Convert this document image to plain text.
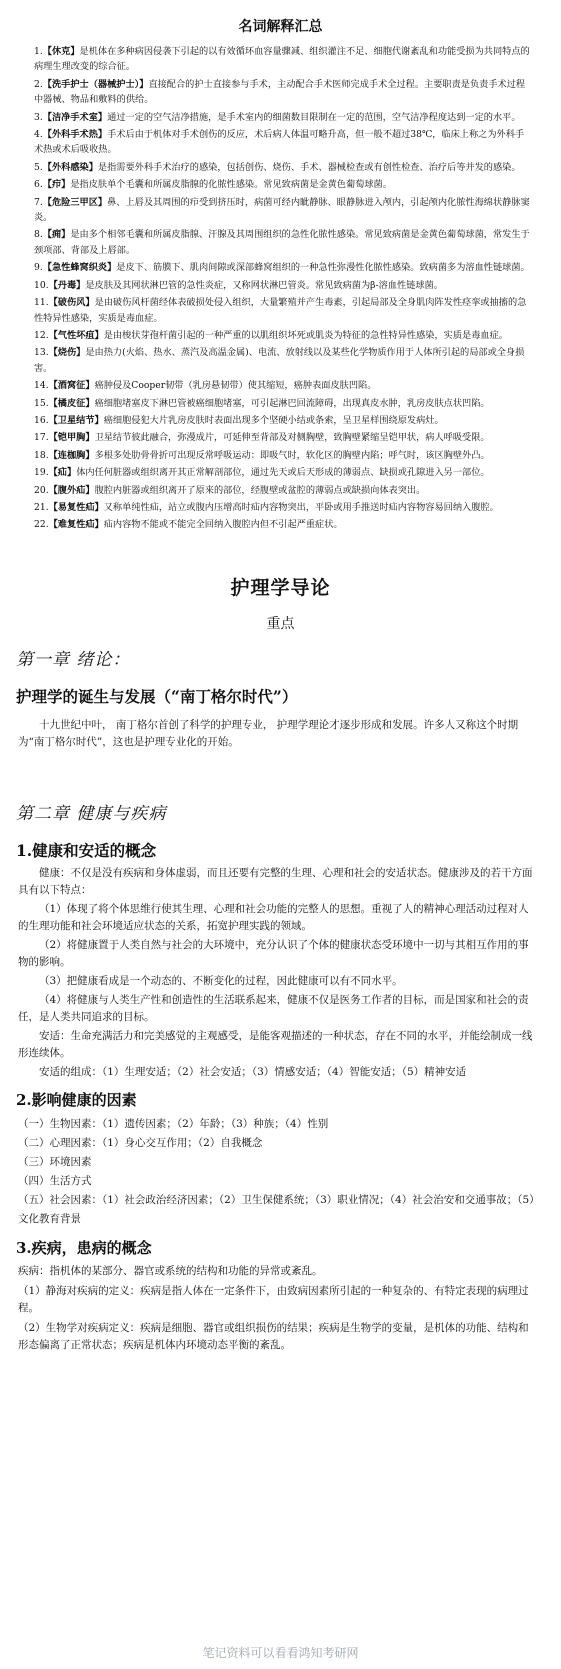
名词解释汇总

1.【休克】是机体在多种病因侵袭下引起的以有效循环血容量骤减、组织灌注不足、细胞代谢紊乱和功能受损为共同特点的病理生理改变的综合征。

2.【洗手护士（器械护士）】直接配合的护士直接参与手术，主动配合手术医师完成手术全过程。主要职责是负责手术过程中器械、物品和敷料的供给。

3.【洁净手术室】通过一定的空气洁净措施，是手术室内的细菌数目限制在一定的范围，空气洁净程度达到一定的水平。

4.【外科手术热】手术后由于机体对手术创伤的反应，术后病人体温可略升高，但一般不超过38℃，临床上称之为外科手术热或术后吸收热。

5.【外科感染】是指需要外科手术治疗的感染，包括创伤、烧伤、手术、器械检查或有创性检查、治疗后等并发的感染。

6.【疖】是指皮肤单个毛囊和所属皮脂腺的化脓性感染。常见致病菌是金黄色葡萄球菌。

7.【危险三甲区】鼻、上唇及其周围的疖受到挤压时，病菌可经内眦静脉、眼静脉进入颅内，引起颅内化脓性海绵状静脉窦炎。

8.【痈】是由多个相邻毛囊和所属皮脂腺、汗腺及其周围组织的急性化脓性感染。常见致病菌是金黄色葡萄球菌，常发生于颈项部、背部及上唇部。

9.【急性蜂窝织炎】是皮下、筋膜下、肌肉间隙或深部蜂窝组织的一种急性弥漫性化脓性感染。致病菌多为溶血性链球菌。

10.【丹毒】是皮肤及其网状淋巴管的急性炎症，又称网状淋巴管炎。常见致病菌为β-溶血性链球菌。

11.【破伤风】是由破伤风杆菌经体表破损处侵入组织，大量繁殖并产生毒素，引起局部及全身肌肉阵发性痉挛或抽搐的急性特异性感染，实质是毒血症。

12.【气性坏疽】是由梭状芽孢杆菌引起的一种严重的以肌组织坏死或肌炎为特征的急性特异性感染，实质是毒血症。

13.【烧伤】是由热力(火焰、热水、蒸汽及高温金属)、电流、放射线以及某些化学物质作用于人体所引起的局部或全身损害。

14.【酒窝征】癌肿侵及Cooper韧带（乳房悬韧带）使其缩短，癌肿表面皮肤凹陷。

15.【橘皮征】癌细胞堵塞皮下淋巴管被癌细胞堵塞，可引起淋巴回流障碍，出现真皮水肿，乳房皮肤点状凹陷。

16.【卫星结节】癌细胞侵犯大片乳房皮肤时表面出现多个坚硬小结或条索，呈卫星样围绕原发病灶。

17.【铠甲胸】卫星结节彼此融合，弥漫成片，可延伸至背部及对侧胸壁，致胸壁紧缩呈铠甲状，病人呼吸受限。

18.【连枷胸】多根多处肋骨骨折可出现反常呼吸运动：即吸气时，软化区的胸壁内陷；呼气时，该区胸壁外凸。

19.【疝】体内任何脏器或组织离开其正常解剖部位，通过先天或后天形成的薄弱点、缺损或孔隙进入另一部位。

20.【腹外疝】腹腔内脏器或组织离开了原来的部位，经腹壁或盆腔的薄弱点或缺损向体表突出。

21.【易复性疝】又称单纯性疝，站立或腹内压增高时疝内容物突出，平卧或用手推送时疝内容物容易回纳入腹腔。

22.【难复性疝】疝内容物不能或不能完全回纳入腹腔内但不引起严重症状。

护理学导论
重点
第一章 绪论：
护理学的诞生与发展（“南丁格尔时代”）

十九世纪中叶， 南丁格尔首创了科学的护理专业， 护理学理论才逐步形成和发展。许多人又称这个时期为“南丁格尔时代”，这也是护理专业化的开始。

第二章 健康与疾病
1.健康和安适的概念

健康：不仅是没有疾病和身体虚弱，而且还要有完整的生理、心理和社会的安适状态。健康涉及的若干方面具有以下特点：

（1）体现了将个体思维行使其生理、心理和社会功能的完整人的思想。重视了人的精神心理活动过程对人的生理功能和社会环境适应状态的关系，拓宽护理实践的领域。

（2）将健康置于人类自然与社会的大环境中，充分认识了个体的健康状态受环境中一切与其相互作用的事物的影响。

（3）把健康看成是一个动态的、不断变化的过程，因此健康可以有不同水平。

（4）将健康与人类生产性和创造性的生活联系起来，健康不仅是医务工作者的目标，而是国家和社会的责任，是人类共同追求的目标。

安适：生命充满活力和完美感觉的主观感受，是能客观描述的一种状态，存在不同的水平，并能绘制成一线形连续体。

安适的组成：（1）生理安适；（2）社会安适；（3）情感安适；（4）智能安适；（5）精神安适

2.影响健康的因素
（一）生物因素：（1）遗传因素；（2）年龄；（3）种族；（4）性别
（二）心理因素：（1）身心交互作用；（2）自我概念
（三）环境因素
（四）生活方式
（五）社会因素：（1）社会政治经济因素；（2）卫生保健系统；（3）职业情况；（4）社会治安和交通事故；（5）文化教育背景
3.疾病，患病的概念
疾病：指机体的某部分、器官或系统的结构和功能的异常或紊乱。
（1）静海对疾病的定义：疾病是指人体在一定条件下，由致病因素所引起的一种复杂的、有特定表现的病理过程。
（2）生物学对疾病定义：疾病是细胞、器官或组织损伤的结果；疾病是生物学的变量，是机体的功能、结构和形态偏离了正常状态；疾病是机体内环境动态平衡的紊乱。
笔记资料可以看看鸿知考研网
